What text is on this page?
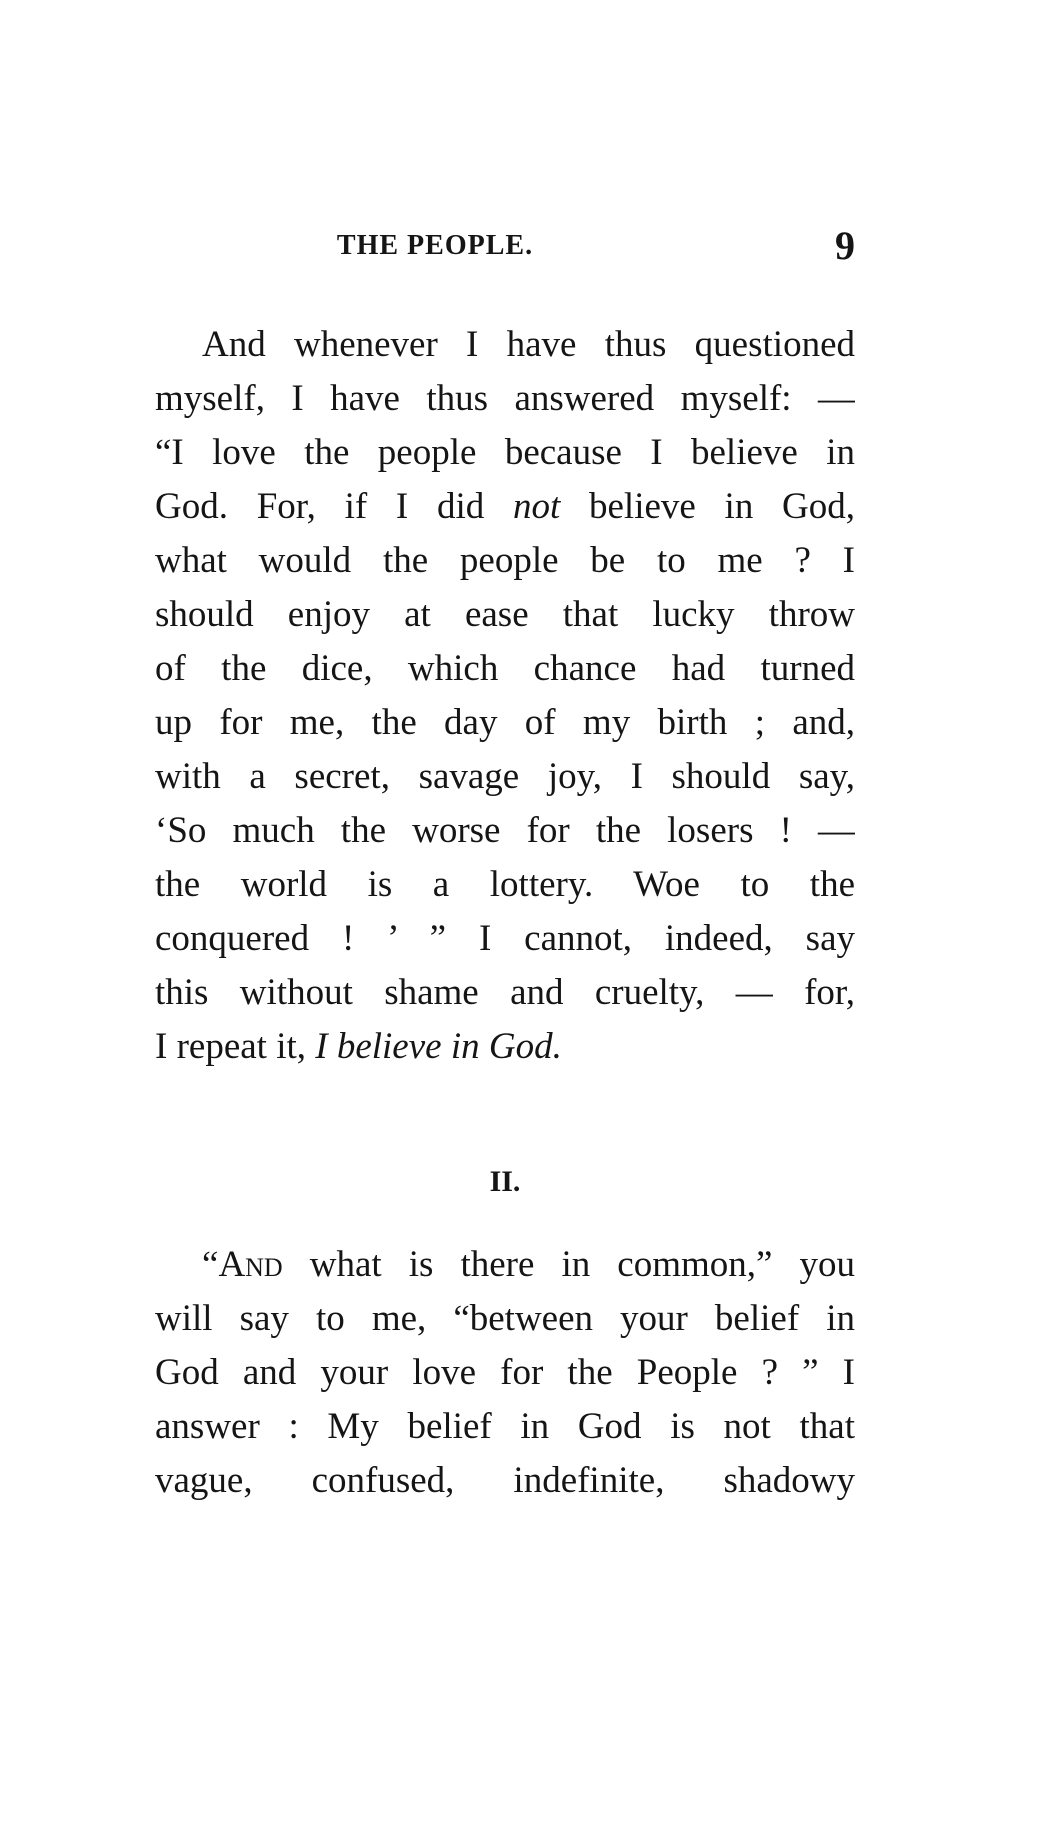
THE PEOPLE.	9
And whenever I have thus questioned
myself, I have thus answered myself: —
“I love the people because I believe in
God. For, if I did not believe in God,
what would the people be to me ? I
should enjoy at ease that lucky throw
of the dice, which chance had turned
up for me, the day of my birth ; and,
with a secret, savage joy, I should say,
‘So much the worse for the losers ! —
the world is a lottery. Woe to the
conquered ! ’ ” I cannot, indeed, say
this without shame and cruelty, — for,
I repeat it, I believe in God.
II.
“And what is there in common,” you
will say to me, “between your belief in
God and your love for the People ? ” I
answer : My belief in God is not that
vague, confused, indefinite, shadowy
